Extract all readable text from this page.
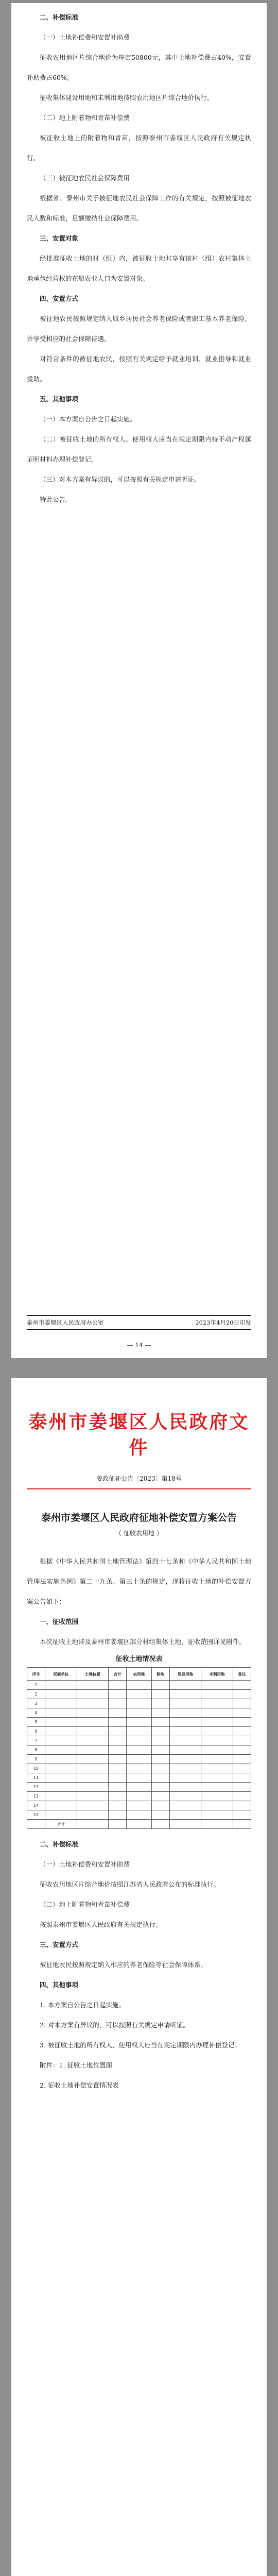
二、补偿标准

（一）土地补偿费和安置补助费

征收农用地区片综合地价为每亩50800元，其中土地补偿费占40%，安置补助费占60%。

征收集体建设用地和未利用地按照农用地区片综合地价执行。

（二）地上附着物和青苗补偿费

被征收土地上的附着物和青苗，按照泰州市姜堰区人民政府有关规定执行。

（三）被征地农民社会保障费用

根据省、泰州市关于被征地农民社会保障工作的有关规定，按照被征地农民人数和标准，足额缴纳社会保障费用。

三、安置对象

经批准征收土地的村（组）内，被征收土地时享有该村（组）农村集体土地承包经营权的在册农业人口为安置对象。

四、安置方式

被征地农民按照规定纳入城乡居民社会养老保险或者职工基本养老保险，并享受相应的社会保障待遇。

对符合条件的被征地农民，按照有关规定给予就业培训、就业指导和就业援助。

五、其他事项

（一）本方案自公告之日起实施。

（二）被征收土地的所有权人、使用权人应当在规定期限内持不动产权属证明材料办理补偿登记。

（三）对本方案有异议的，可以按照有关规定申请听证。

特此公告。

泰州市姜堰区人民政府办公室	2023年4月20日印发
— 14 —
泰州市姜堰区人民政府文件
姜政征补公告〔2023〕第18号
泰州市姜堰区人民政府征地补偿安置方案公告
（ 征收农用地 ）

根据《中华人民共和国土地管理法》第四十七条和《中华人民共和国土地管理法实施条例》第二十九条、第三十条的规定，现将征收土地的补偿安置方案公告如下：

一、征收范围

本次征收土地涉及泰州市姜堰区部分村组集体土地，征收范围详见附件。

征收土地情况表
序号	权属单位	土地位置	合计	农用地	耕地	建设用地	未利用地	备注
1								
2								
3								
4								
5								
6								
7								
8								
9								
10								
11								
12								
13								
14								
15								
	合计							

二、补偿标准

（一）土地补偿费和安置补助费

征收农用地区片综合地价按照江苏省人民政府公布的标准执行。

（二）地上附着物和青苗补偿费

按照泰州市姜堰区人民政府有关规定执行。

三、安置方式

被征地农民按照规定纳入相应的养老保险等社会保障体系。

四、其他事项

1. 本方案自公告之日起实施。

2. 对本方案有异议的，可以按照有关规定申请听证。

3. 被征收土地的所有权人、使用权人应当在规定期限内办理补偿登记。

附件：1. 征收土地位置图

2. 征收土地补偿安置情况表
